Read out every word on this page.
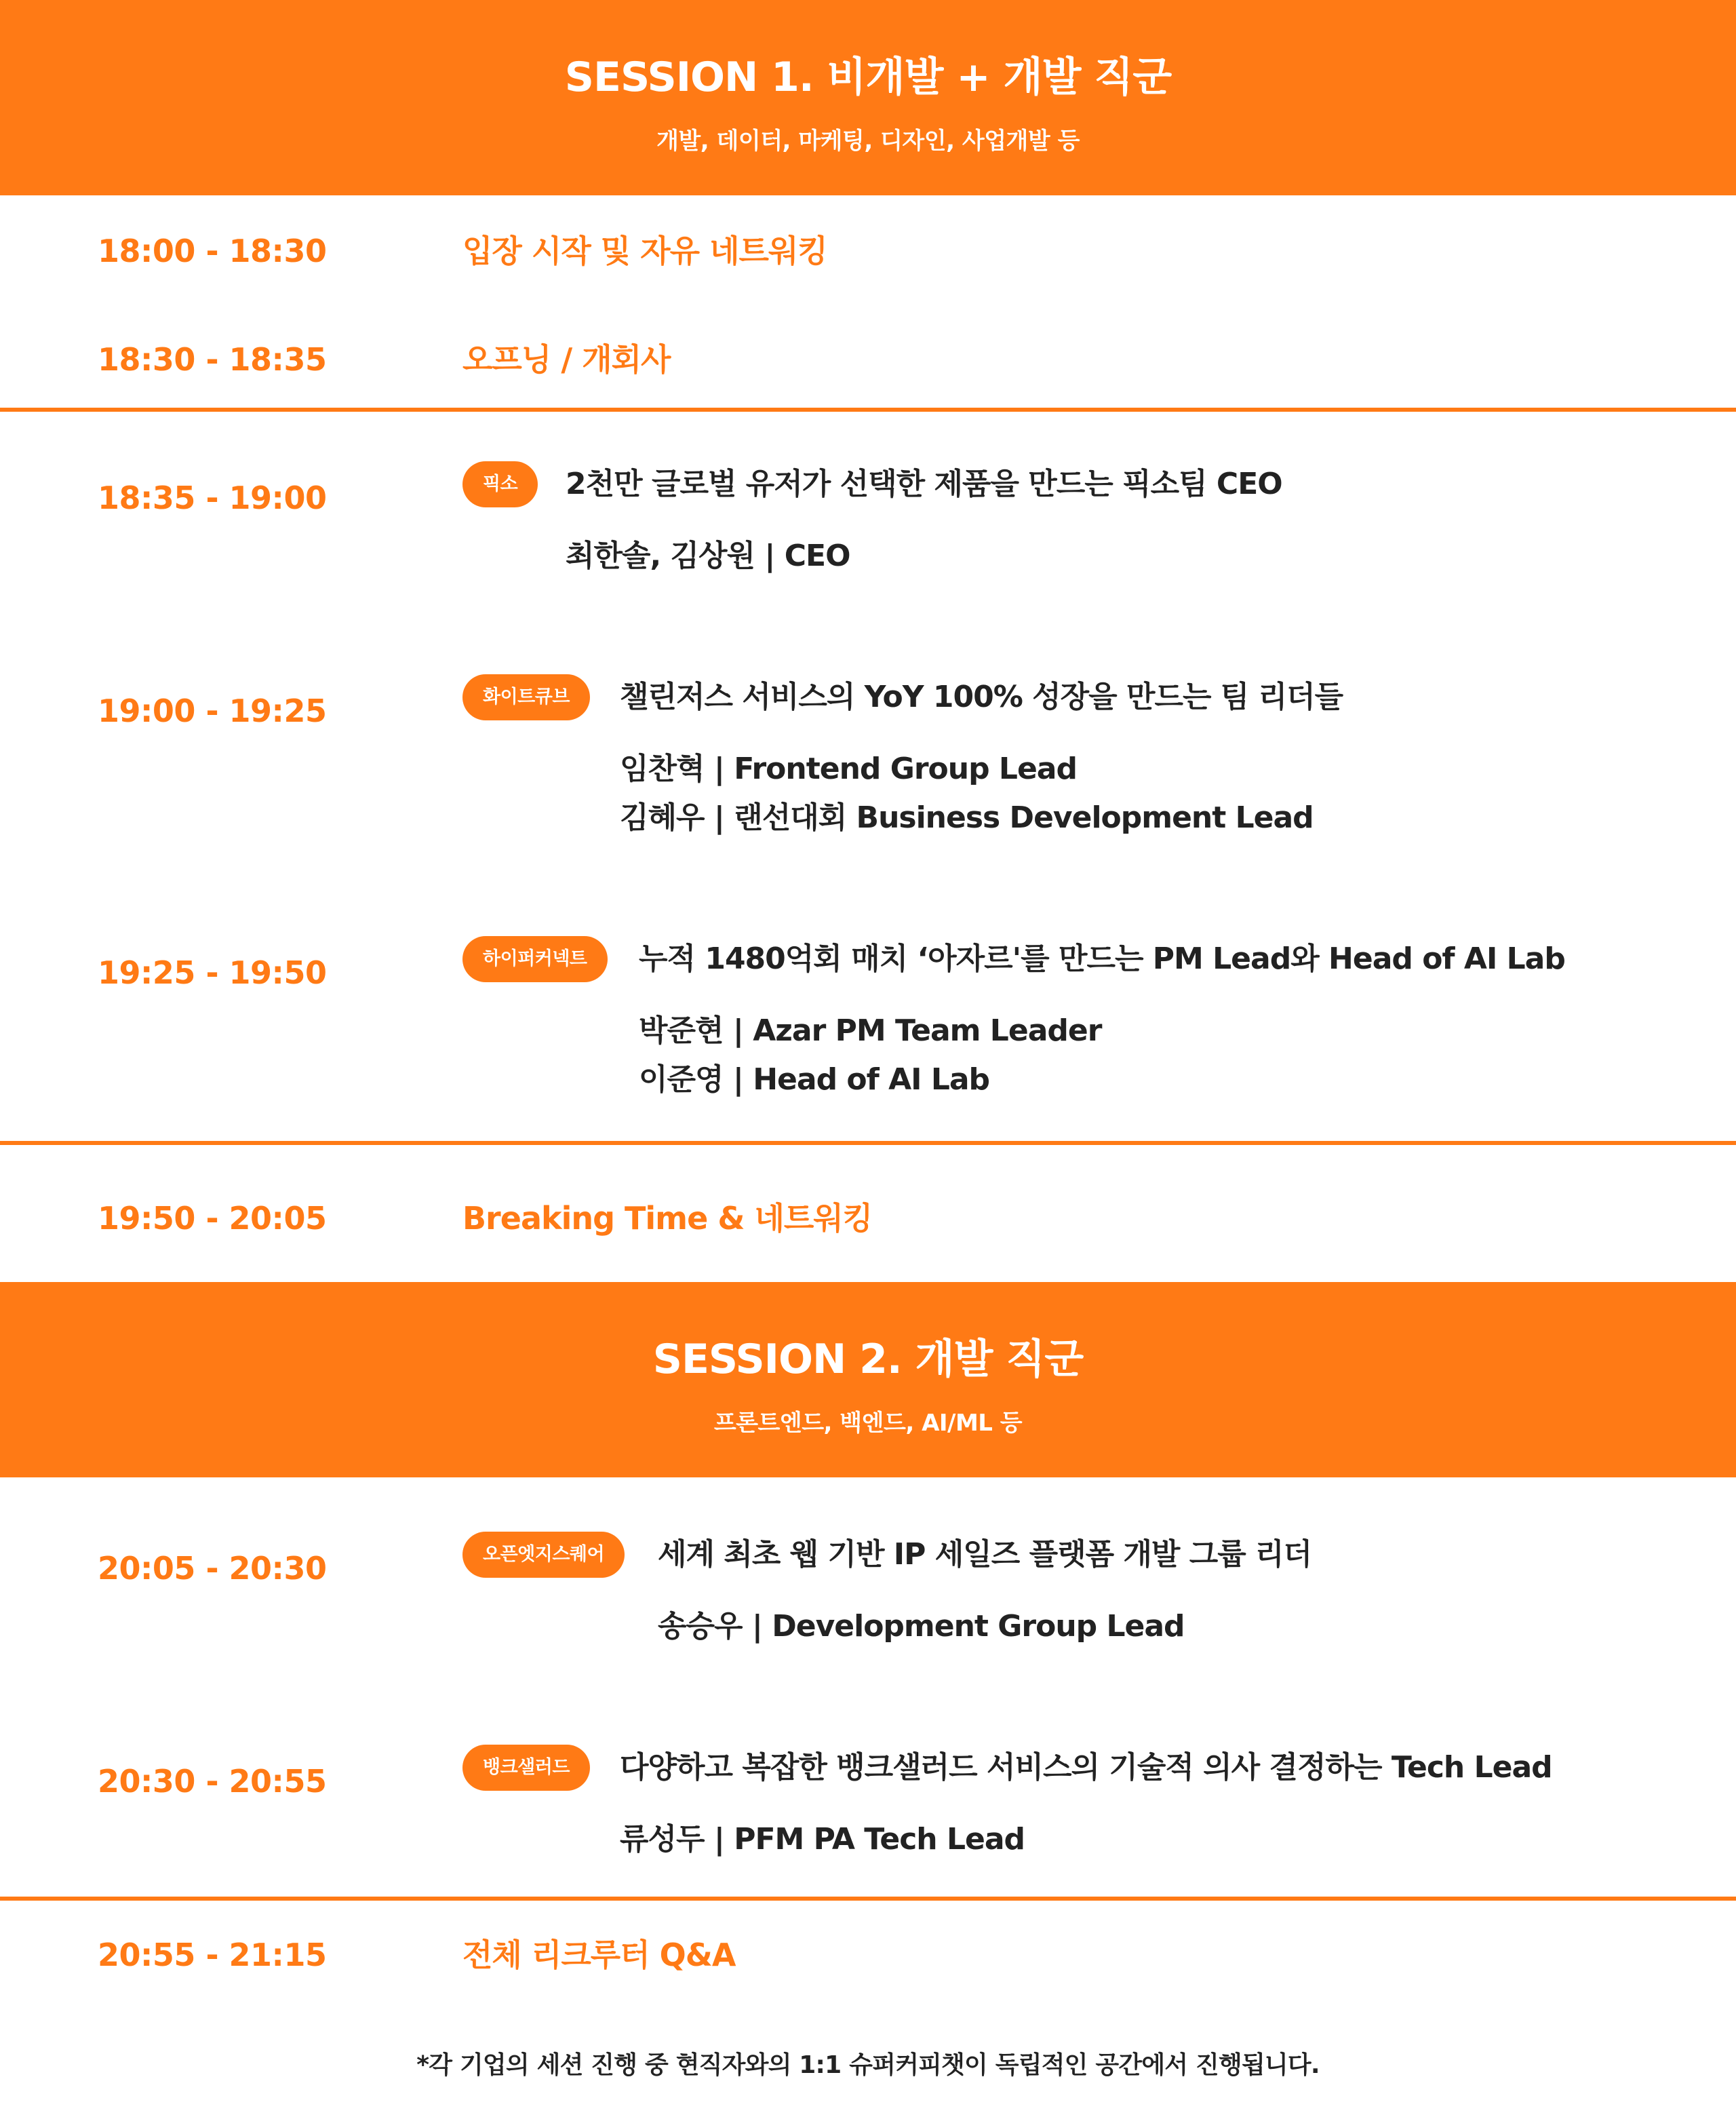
SESSION 1. 비개발 + 개발 직군
개발, 데이터, 마케팅, 디자인, 사업개발 등
18:00 - 18:30	입장 시작 및 자유 네트워킹
18:30 - 18:35	오프닝 / 개회사
18:35 - 19:00	픽소	2천만 글로벌 유저가 선택한 제품을 만드는 픽소팀 CEO
최한솔, 김상원 | CEO
19:00 - 19:25	화이트큐브	챌린저스 서비스의 YoY 100% 성장을 만드는 팀 리더들
임찬혁 | Frontend Group Lead
김혜우 | 랜선대회 Business Development Lead
19:25 - 19:50	하이퍼커넥트	누적 1480억회 매치 ‘아자르'를 만드는 PM Lead와 Head of AI Lab
박준현 | Azar PM Team Leader
이준영 | Head of AI Lab
19:50 - 20:05	Breaking Time & 네트워킹
SESSION 2. 개발 직군
프론트엔드, 백엔드, AI/ML 등
20:05 - 20:30	오픈엣지스퀘어	세계 최초 웹 기반 IP 세일즈 플랫폼 개발 그룹 리더
송승우 | Development Group Lead
20:30 - 20:55	뱅크샐러드	다양하고 복잡한 뱅크샐러드 서비스의 기술적 의사 결정하는 Tech Lead
류성두 | PFM PA Tech Lead
20:55 - 21:15	전체 리크루터 Q&A
*각 기업의 세션 진행 중 현직자와의 1:1 슈퍼커피챗이 독립적인 공간에서 진행됩니다.
